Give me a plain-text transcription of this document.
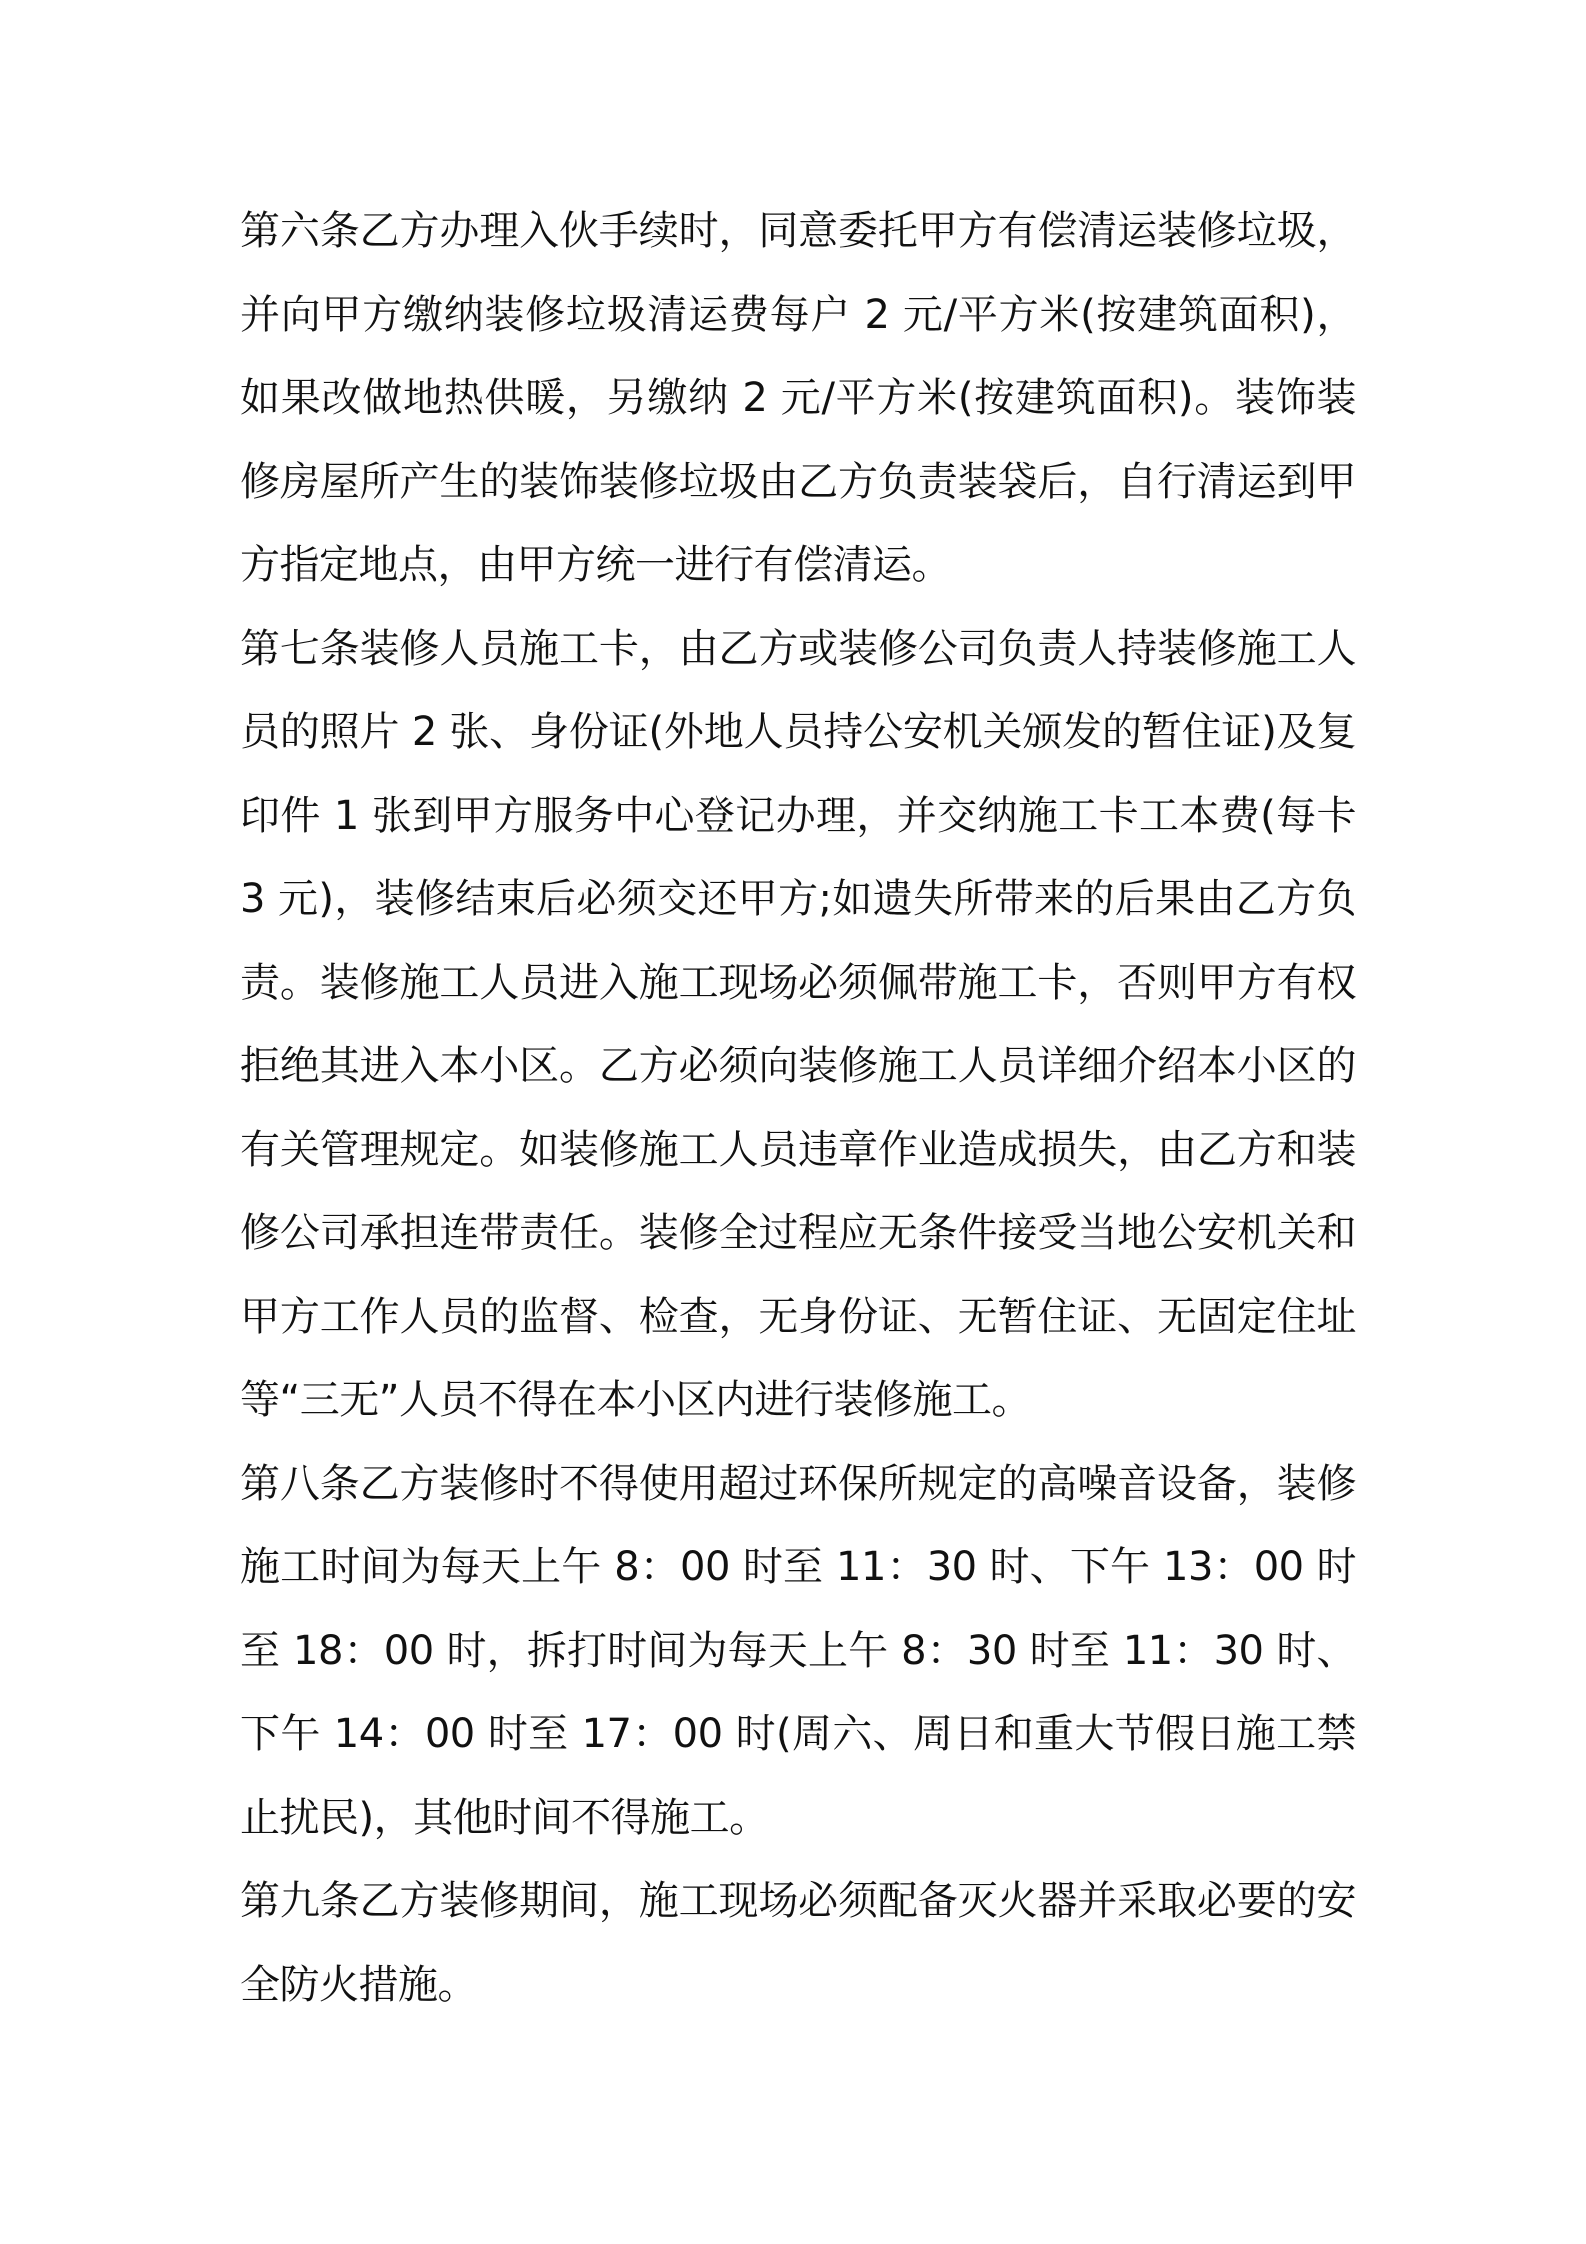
第六条乙方办理入伙手续时，同意委托甲方有偿清运装修垃圾，并向甲方缴纳装修垃圾清运费每户 2 元/平方米(按建筑面积)，如果改做地热供暖，另缴纳 2 元/平方米(按建筑面积)。装饰装修房屋所产生的装饰装修垃圾由乙方负责装袋后，自行清运到甲方指定地点，由甲方统一进行有偿清运。

第七条装修人员施工卡，由乙方或装修公司负责人持装修施工人员的照片 2 张、身份证(外地人员持公安机关颁发的暂住证)及复印件 1 张到甲方服务中心登记办理，并交纳施工卡工本费(每卡 3 元)，装修结束后必须交还甲方;如遗失所带来的后果由乙方负责。装修施工人员进入施工现场必须佩带施工卡，否则甲方有权拒绝其进入本小区。乙方必须向装修施工人员详细介绍本小区的有关管理规定。如装修施工人员违章作业造成损失，由乙方和装修公司承担连带责任。装修全过程应无条件接受当地公安机关和甲方工作人员的监督、检查，无身份证、无暂住证、无固定住址等“三无”人员不得在本小区内进行装修施工。

第八条乙方装修时不得使用超过环保所规定的高噪音设备，装修施工时间为每天上午 8：00 时至 11：30 时、下午 13：00 时至 18：00 时，拆打时间为每天上午 8：30 时至 11：30 时、下午 14：00 时至 17：00 时(周六、周日和重大节假日施工禁止扰民)，其他时间不得施工。

第九条乙方装修期间，施工现场必须配备灭火器并采取必要的安全防火措施。
